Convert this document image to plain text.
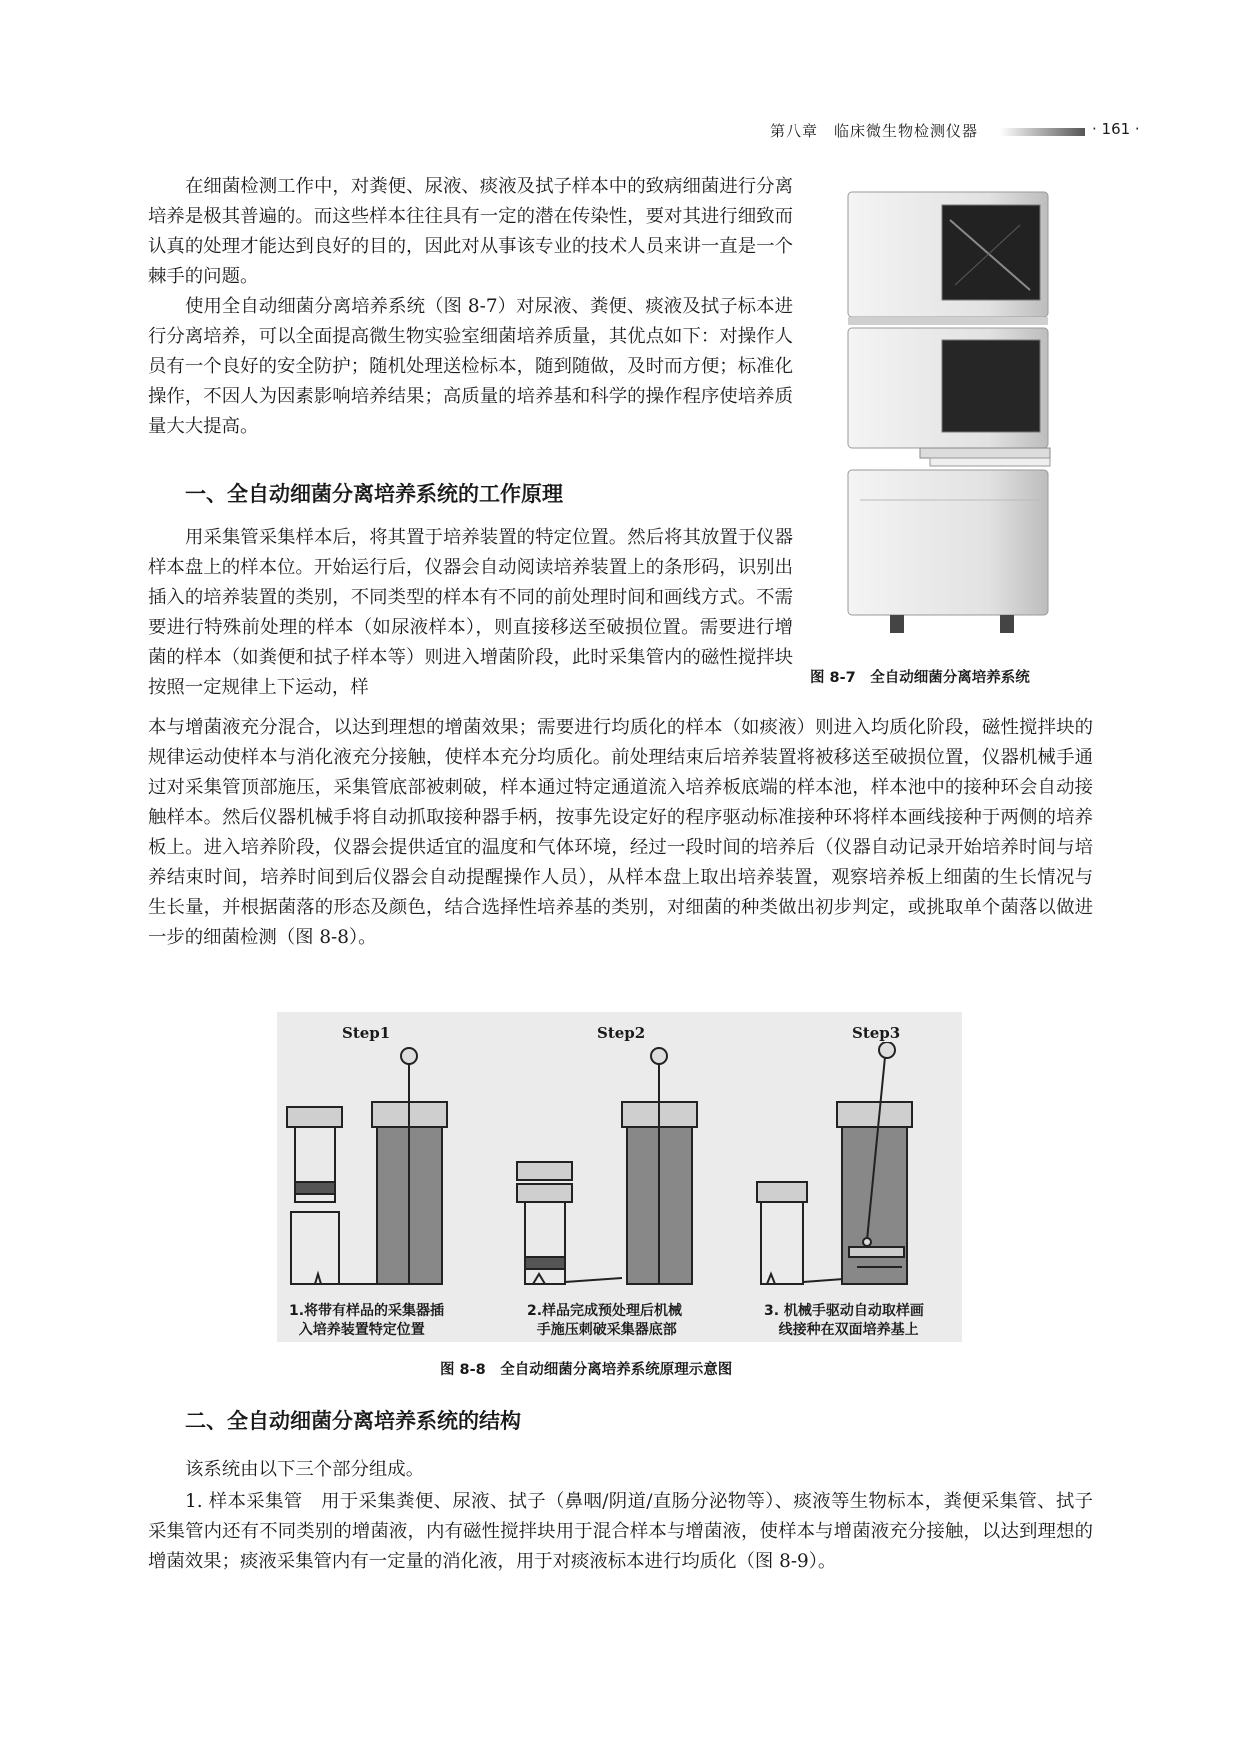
第八章　临床微生物检测仪器	· 161 ·

在细菌检测工作中，对粪便、尿液、痰液及拭子样本中的致病细菌进行分离培养是极其普遍的。而这些样本往往具有一定的潜在传染性，要对其进行细致而认真的处理才能达到良好的目的，因此对从事该专业的技术人员来讲一直是一个棘手的问题。

使用全自动细菌分离培养系统（图 8-7）对尿液、粪便、痰液及拭子标本进行分离培养，可以全面提高微生物实验室细菌培养质量，其优点如下：对操作人员有一个良好的安全防护；随机处理送检标本，随到随做，及时而方便；标准化操作，不因人为因素影响培养结果；高质量的培养基和科学的操作程序使培养质量大大提高。

一、全自动细菌分离培养系统的工作原理

用采集管采集样本后，将其置于培养装置的特定位置。然后将其放置于仪器样本盘上的样本位。开始运行后，仪器会自动阅读培养装置上的条形码，识别出插入的培养装置的类别，不同类型的样本有不同的前处理时间和画线方式。不需要进行特殊前处理的样本（如尿液样本），则直接移送至破损位置。需要进行增菌的样本（如粪便和拭子样本等）则进入增菌阶段，此时采集管内的磁性搅拌块按照一定规律上下运动，样

本与增菌液充分混合，以达到理想的增菌效果；需要进行均质化的样本（如痰液）则进入均质化阶段，磁性搅拌块的规律运动使样本与消化液充分接触，使样本充分均质化。前处理结束后培养装置将被移送至破损位置，仪器机械手通过对采集管顶部施压，采集管底部被刺破，样本通过特定通道流入培养板底端的样本池，样本池中的接种环会自动接触样本。然后仪器机械手将自动抓取接种器手柄，按事先设定好的程序驱动标准接种环将样本画线接种于两侧的培养板上。进入培养阶段，仪器会提供适宜的温度和气体环境，经过一段时间的培养后（仪器自动记录开始培养时间与培养结束时间，培养时间到后仪器会自动提醒操作人员），从样本盘上取出培养装置，观察培养板上细菌的生长情况与生长量，并根据菌落的形态及颜色，结合选择性培养基的类别，对细菌的种类做出初步判定，或挑取单个菌落以做进一步的细菌检测（图 8-8）。

图 8-7　全自动细菌分离培养系统

Step1	Step2	Step3

1.将带有样品的采集器插
入培养装置特定位置

2.样品完成预处理后机械
手施压刺破采集器底部

3. 机械手驱动自动取样画
线接种在双面培养基上

图 8-8　全自动细菌分离培养系统原理示意图

二、全自动细菌分离培养系统的结构

该系统由以下三个部分组成。

1. 样本采集管　用于采集粪便、尿液、拭子（鼻咽/阴道/直肠分泌物等）、痰液等生物标本，粪便采集管、拭子采集管内还有不同类别的增菌液，内有磁性搅拌块用于混合样本与增菌液，使样本与增菌液充分接触，以达到理想的增菌效果；痰液采集管内有一定量的消化液，用于对痰液标本进行均质化（图 8-9）。
